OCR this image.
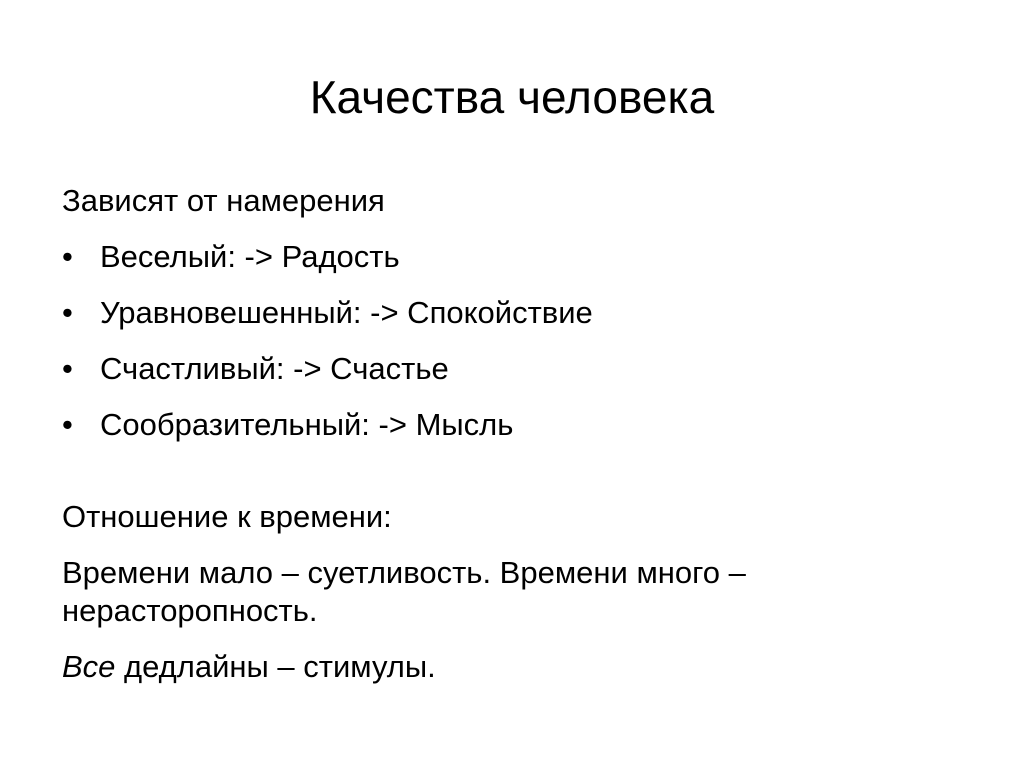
Качества человека

Зависят от намерения

• Веселый: -> Радость
• Уравновешенный: -> Спокойствие
• Счастливый: -> Счастье
• Сообразительный: -> Мысль

Отношение к времени:

Времени мало – суетливость. Времени много –

нерасторопность.

Все дедлайны – стимулы.
